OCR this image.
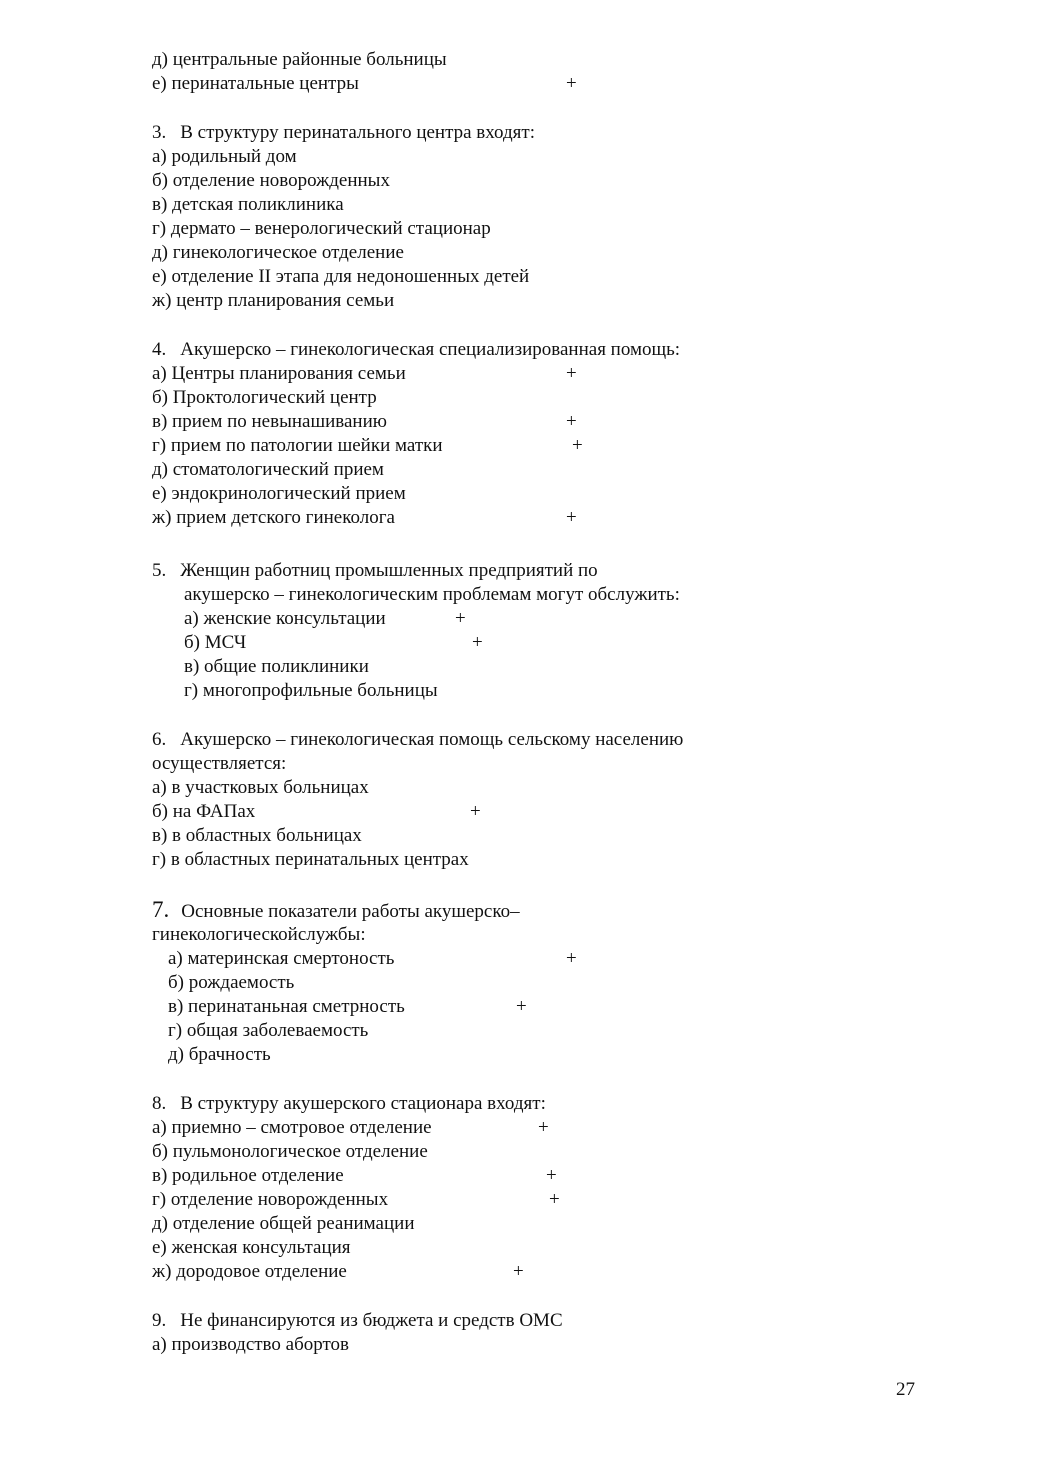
д) центральные районные больницы
е) перинатальные центры	+
3. В структуру перинатального центра входят:
а) родильный дом
б) отделение новорожденных
в) детская поликлиника
г) дермато – венерологический стационар
д) гинекологическое отделение
е) отделение II этапа для недоношенных детей
ж) центр планирования семьи
4. Акушерско – гинекологическая специализированная помощь:
а) Центры планирования семьи	+
б) Проктологический центр
в) прием по невынашиванию	+
г) прием по патологии шейки матки	+
д) стоматологический прием
е) эндокринологический прием
ж) прием детского гинеколога	+
5. Женщин работниц промышленных предприятий по
акушерско – гинекологическим проблемам могут обслужить:
а) женские консультации	+
б) МСЧ	+
в) общие поликлиники
г) многопрофильные больницы
6. Акушерско – гинекологическая помощь сельскому населению
осуществляется:
а) в участковых больницах
б) на ФАПах	+
в) в областных больницах
г) в областных перинатальных центрах
7. Основные показатели работы акушерско–
гинекологическойслужбы:
а) материнская смертоность	+
б) рождаемость
в) перинатаньная сметрность	+
г) общая заболеваемость
д) брачность
8. В структуру акушерского стационара входят:
а) приемно – смотровое отделение	+
б) пульмонологическое отделение
в) родильное отделение	+
г) отделение новорожденных	+
д) отделение общей реанимации
е) женская консультация
ж) дородовое отделение	+
9. Не финансируются из бюджета и средств ОМС
а) производство абортов
27
